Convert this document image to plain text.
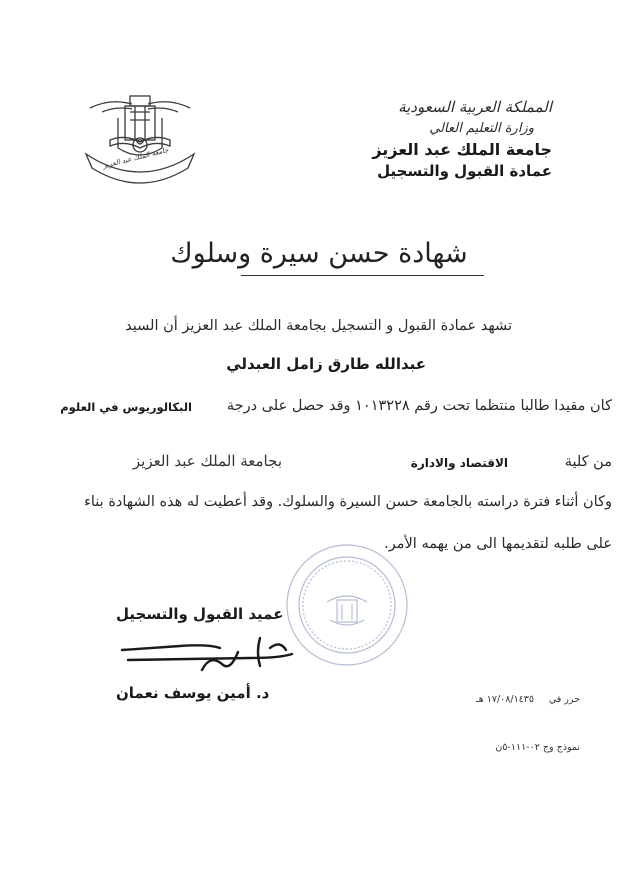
المملكة العربية السعودية
وزارة التعليم العالي
جامعة الملك عبد العزيز
عمادة القبول والتسجيل
جامعة الملك عبد العزيز
شهادة حسن سيرة وسلوك
تشهد عمادة القبول و التسجيل بجامعة الملك عبد العزيز أن السيد
عبدالله طارق زامل العبدلي
كان مقيدا طالبا منتظما تحت رقم ١٠١٣٢٢٨ وقد حصل على درجة
البكالوريوس في العلوم
من كلية
الاقتصاد والادارة
بجامعة الملك عبد العزيز
وكان أثناء فترة دراسته بالجامعة حسن السيرة والسلوك. وقد أعطيت له هذه الشهادة بناء
على طلبه لتقديمها الى من يهمه الأمر.
عميد القبول والتسجيل
د. أمين يوسف نعمان	حرر في
١٧/٠٨/١٤٣٥ هـ
نموذج وج ٠٢-١١١-٥ن
